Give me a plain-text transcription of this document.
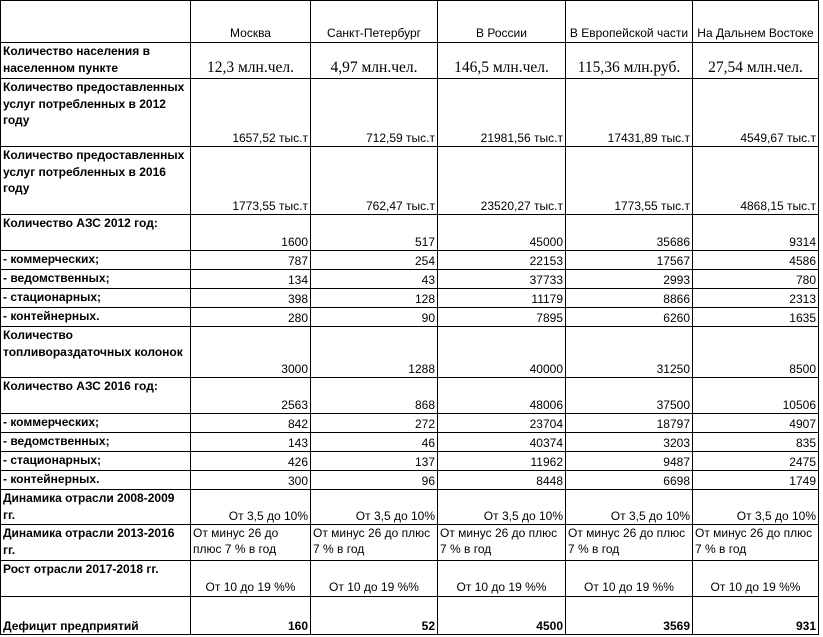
	Москва	Санкт-Петербург	В России	В Европейской части	На Дальнем Востоке
Количество населения в населенном пункте	12,3 млн.чел.	4,97 млн.чел.	146,5 млн.чел.	115,36 млн.руб.	27,54 млн.чел.
Количество предоставленных услуг потребленных в 2012 году	1657,52 тыс.т	712,59 тыс.т	21981,56 тыс.т	17431,89 тыс.т	4549,67 тыс.т
Количество предоставленных услуг потребленных в 2016 году	1773,55 тыс.т	762,47 тыс.т	23520,27 тыс.т	1773,55 тыс.т	4868,15 тыс.т
Количество АЗС 2012 год:	1600	517	45000	35686	9314
- коммерческих;	787	254	22153	17567	4586
- ведомственных;	134	43	37733	2993	780
- стационарных;	398	128	11179	8866	2313
- контейнерных.	280	90	7895	6260	1635
Количество топливораздаточных колонок	3000	1288	40000	31250	8500
Количество АЗС 2016 год:	2563	868	48006	37500	10506
- коммерческих;	842	272	23704	18797	4907
- ведомственных;	143	46	40374	3203	835
- стационарных;	426	137	11962	9487	2475
- контейнерных.	300	96	8448	6698	1749
Динамика отрасли 2008-2009 гг.	От 3,5 до 10%	От 3,5 до 10%	От 3,5 до 10%	От 3,5 до 10%	От 3,5 до 10%
Динамика отрасли 2013-2016 гг.	От минус 26 до плюс 7 % в год	От минус 26 до плюс 7 % в год	От минус 26 до плюс 7 % в год	От минус 26 до плюс 7 % в год	От минус 26 до плюс 7 % в год
Рост отрасли 2017-2018 гг.	От 10 до 19 %%	От 10 до 19 %%	От 10 до 19 %%	От 10 до 19 %%	От 10 до 19 %%
Дефицит предприятий	160	52	4500	3569	931
